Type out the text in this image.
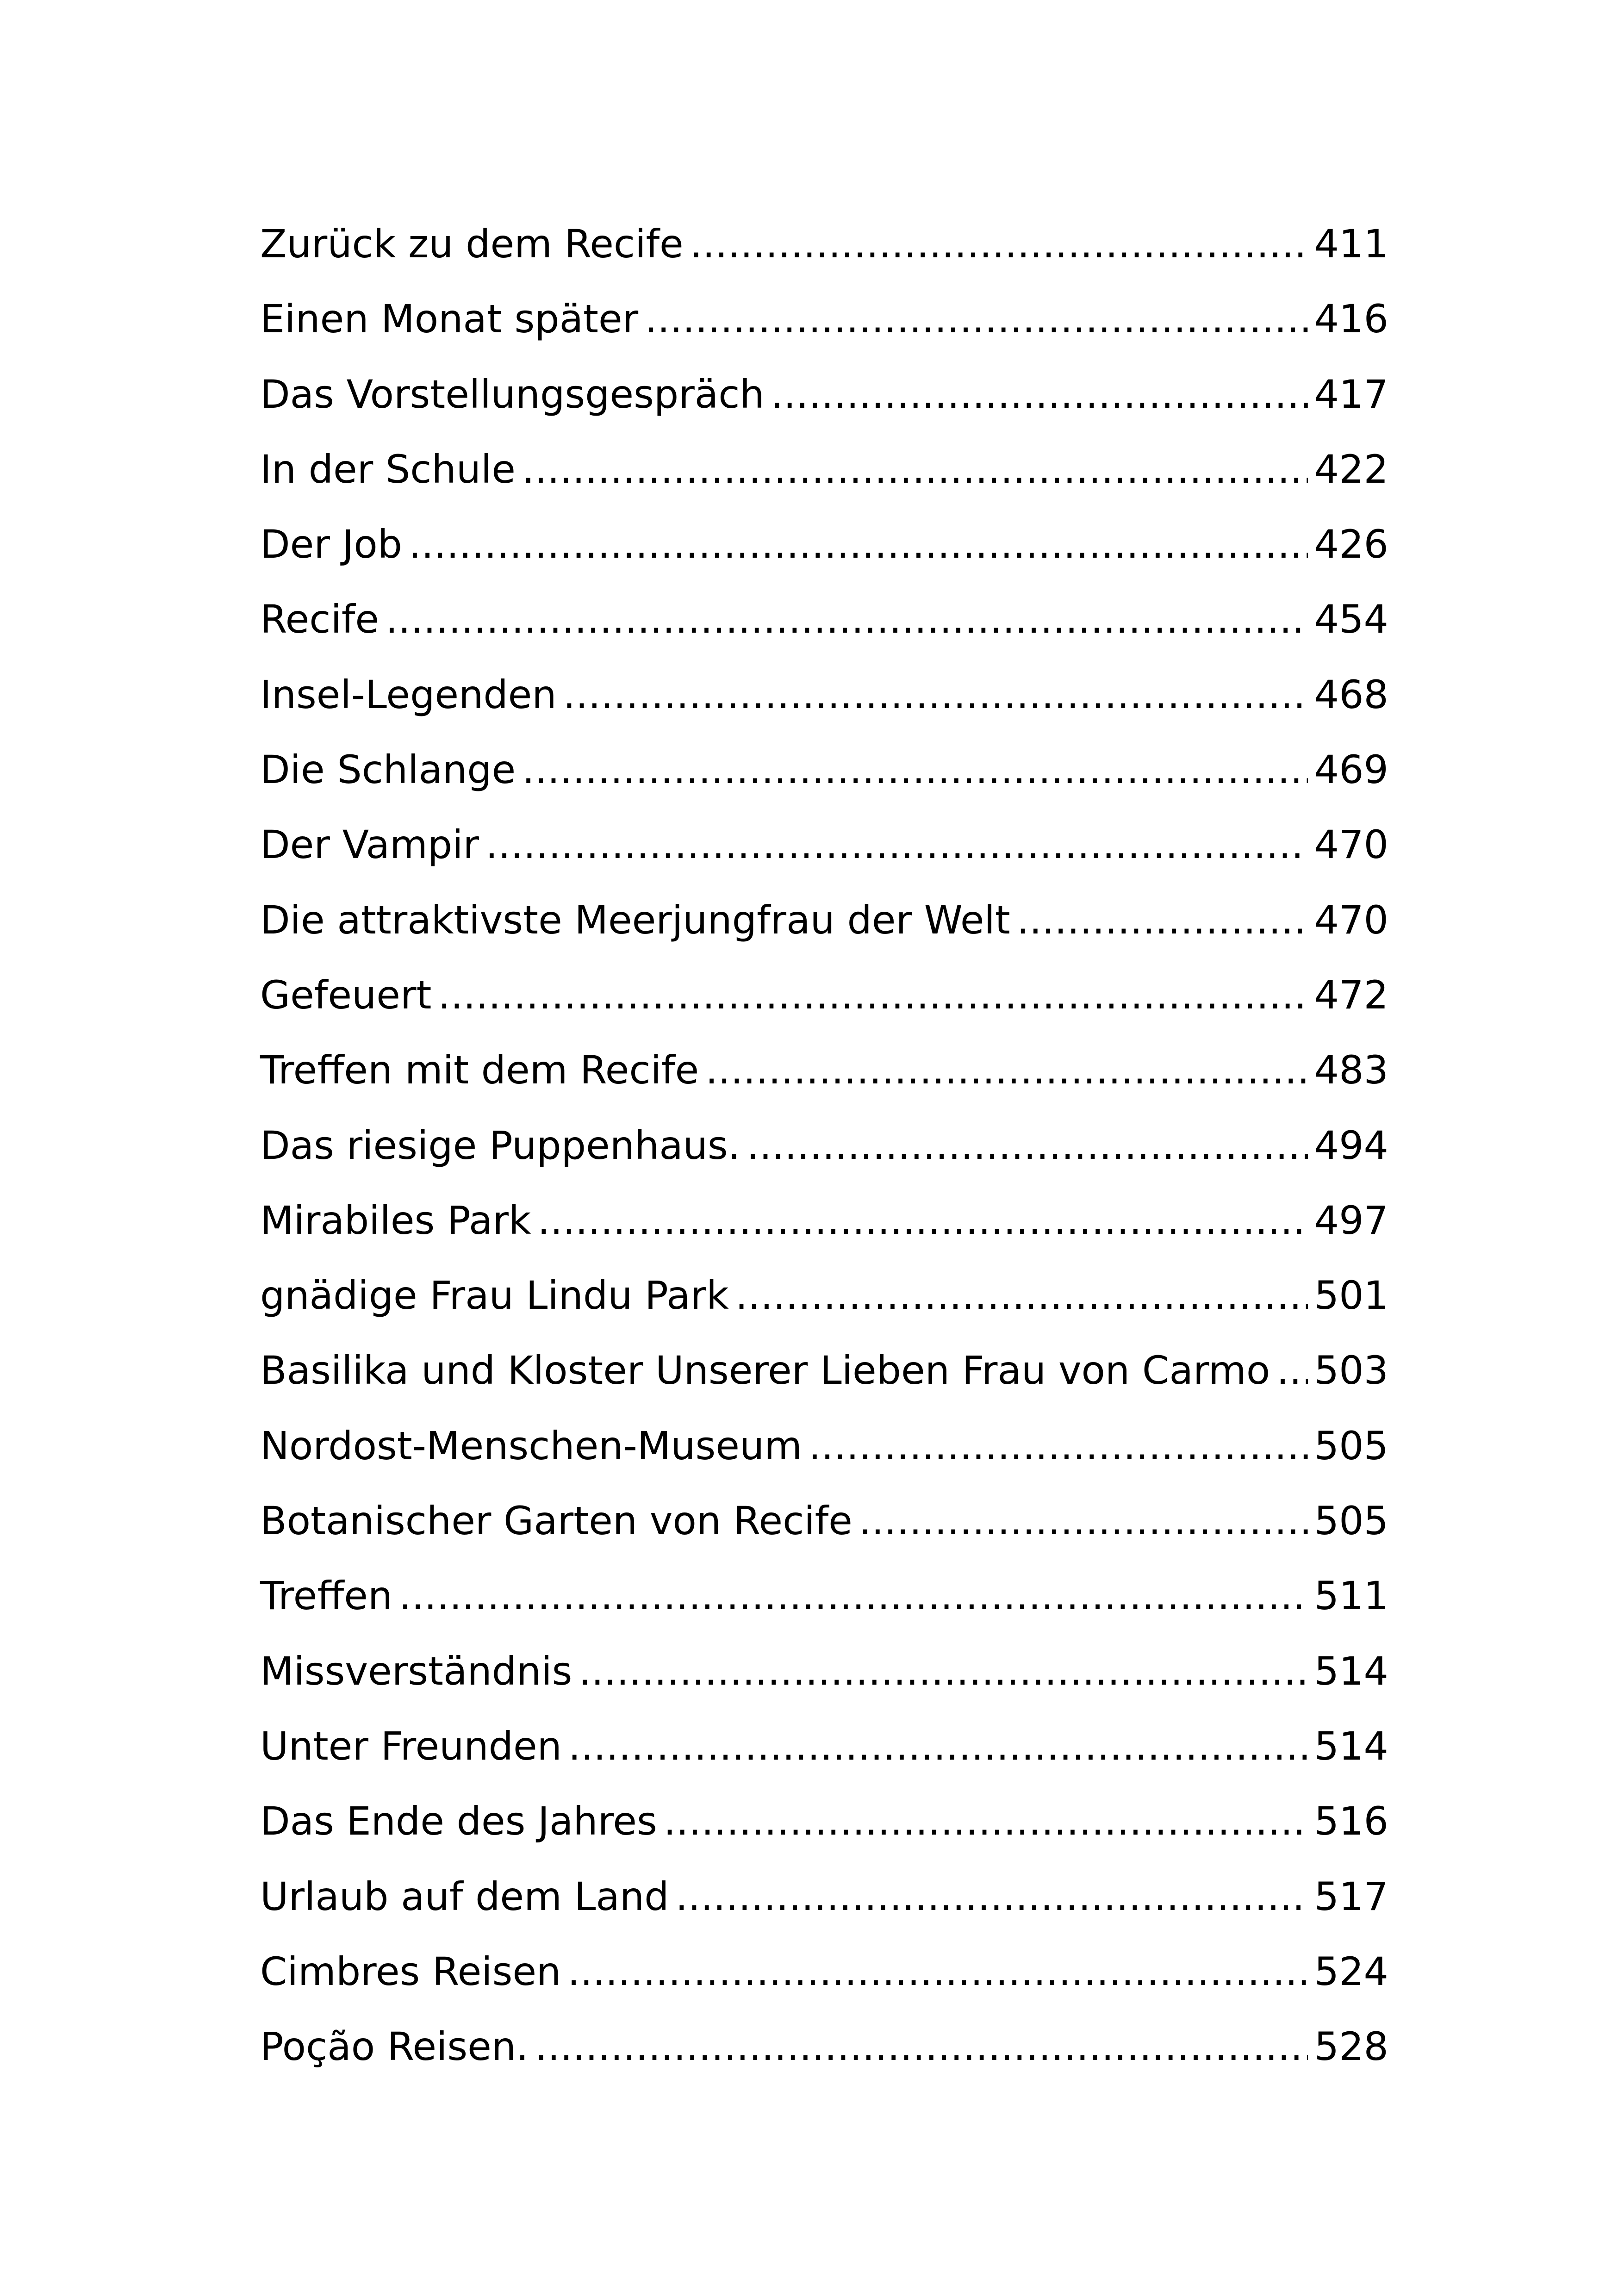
Zurück zu dem Recife .....	411
Einen Monat später .....	416
Das Vorstellungsgespräch .....	417
In der Schule .....	422
Der Job .....	426
Recife .....	454
Insel-Legenden .....	468
Die Schlange .....	469
Der Vampir .....	470
Die attraktivste Meerjungfrau der Welt .....	470
Gefeuert .....	472
Treffen mit dem Recife .....	483
Das riesige Puppenhaus. .....	494
Mirabiles Park .....	497
gnädige Frau Lindu Park .....	501
Basilika und Kloster Unserer Lieben Frau von Carmo ..... 503
Nordost-Menschen-Museum .....	505
Botanischer Garten von Recife .....	505
Treffen .....	511
Missverständnis .....	514
Unter Freunden .....	514
Das Ende des Jahres .....	516
Urlaub auf dem Land .....	517
Cimbres Reisen .....	524
Poção Reisen. .....	528
